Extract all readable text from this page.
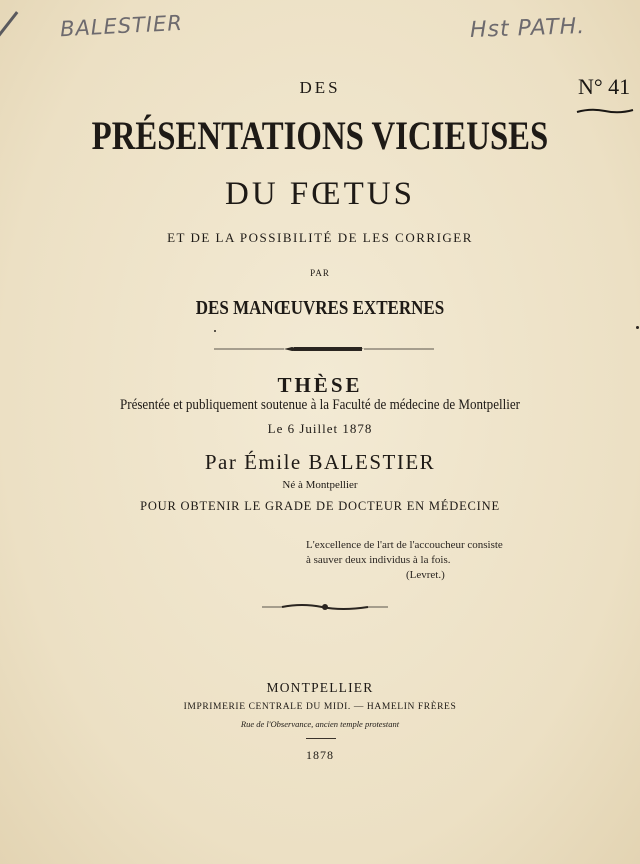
BALESTIER	Hst PATH.
N° 41
DES
PRÉSENTATIONS VICIEUSES
DU FŒTUS
ET DE LA POSSIBILITÉ DE LES CORRIGER
PAR
DES MANŒUVRES EXTERNES
THÈSE
Présentée et publiquement soutenue à la Faculté de médecine de Montpellier
Le 6 Juillet 1878
Par Émile BALESTIER
Né à Montpellier
POUR OBTENIR LE GRADE DE DOCTEUR EN MÉDECINE
L'excellence de l'art de l'accoucheur consiste
à sauver deux individus à la fois.
(Levret.)
MONTPELLIER
IMPRIMERIE CENTRALE DU MIDI. — HAMELIN FRÈRES
Rue de l'Observance, ancien temple protestant
1878
